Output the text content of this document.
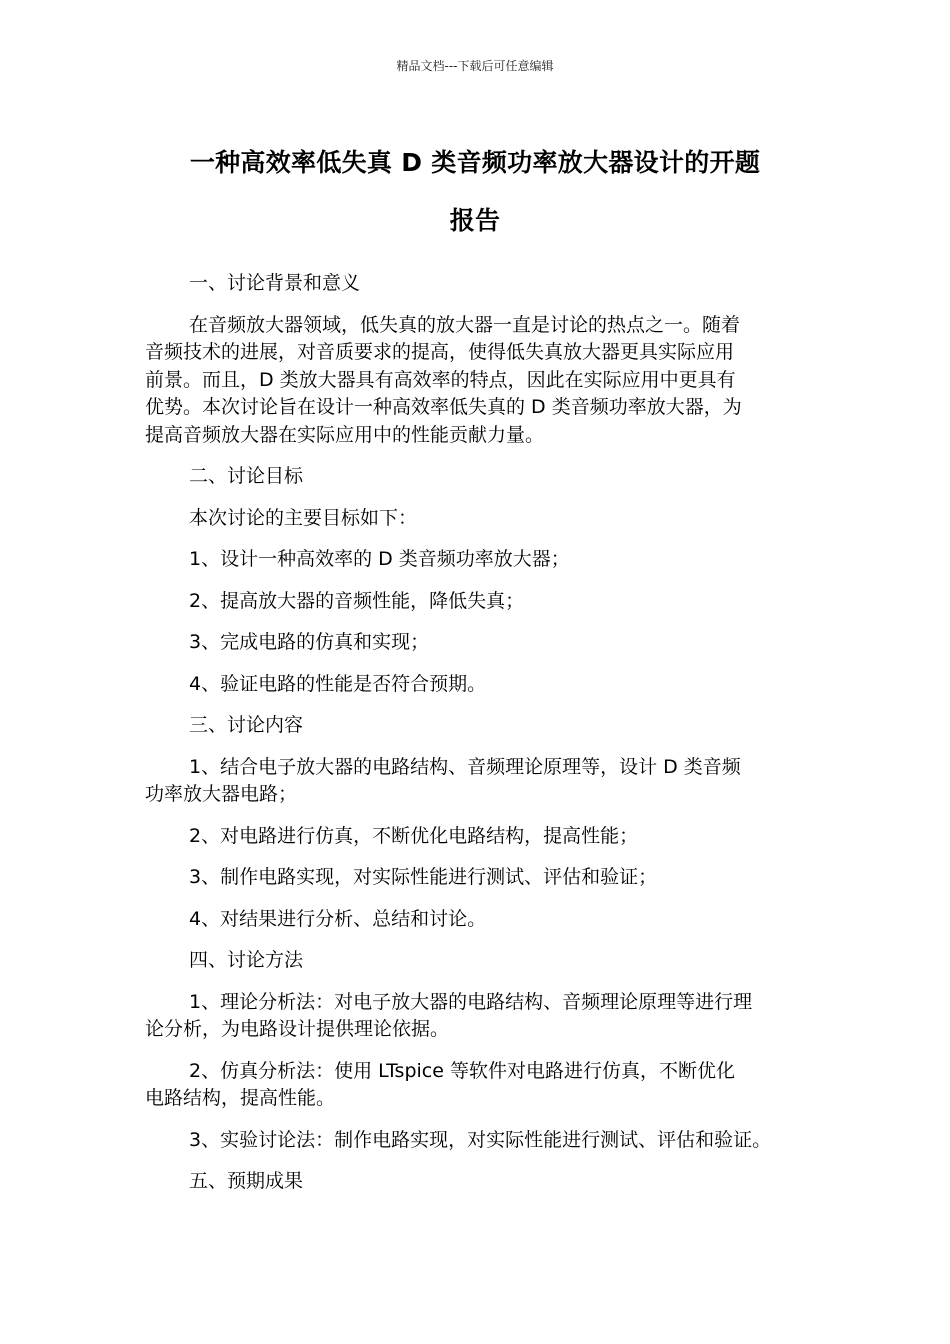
精品文档---下载后可任意编辑
一种高效率低失真 D 类音频功率放大器设计的开题
报告
一、讨论背景和意义
在音频放大器领域，低失真的放大器一直是讨论的热点之一。随着
音频技术的进展，对音质要求的提高，使得低失真放大器更具实际应用
前景。而且，D 类放大器具有高效率的特点，因此在实际应用中更具有
优势。本次讨论旨在设计一种高效率低失真的 D 类音频功率放大器，为
提高音频放大器在实际应用中的性能贡献力量。
二、讨论目标
本次讨论的主要目标如下：
1、设计一种高效率的 D 类音频功率放大器；
2、提高放大器的音频性能，降低失真；
3、完成电路的仿真和实现；
4、验证电路的性能是否符合预期。
三、讨论内容
1、结合电子放大器的电路结构、音频理论原理等，设计 D 类音频
功率放大器电路；
2、对电路进行仿真，不断优化电路结构，提高性能；
3、制作电路实现，对实际性能进行测试、评估和验证；
4、对结果进行分析、总结和讨论。
四、讨论方法
1、理论分析法：对电子放大器的电路结构、音频理论原理等进行理
论分析，为电路设计提供理论依据。
2、仿真分析法：使用 LTspice 等软件对电路进行仿真，不断优化
电路结构，提高性能。
3、实验讨论法：制作电路实现，对实际性能进行测试、评估和验证。
五、预期成果
